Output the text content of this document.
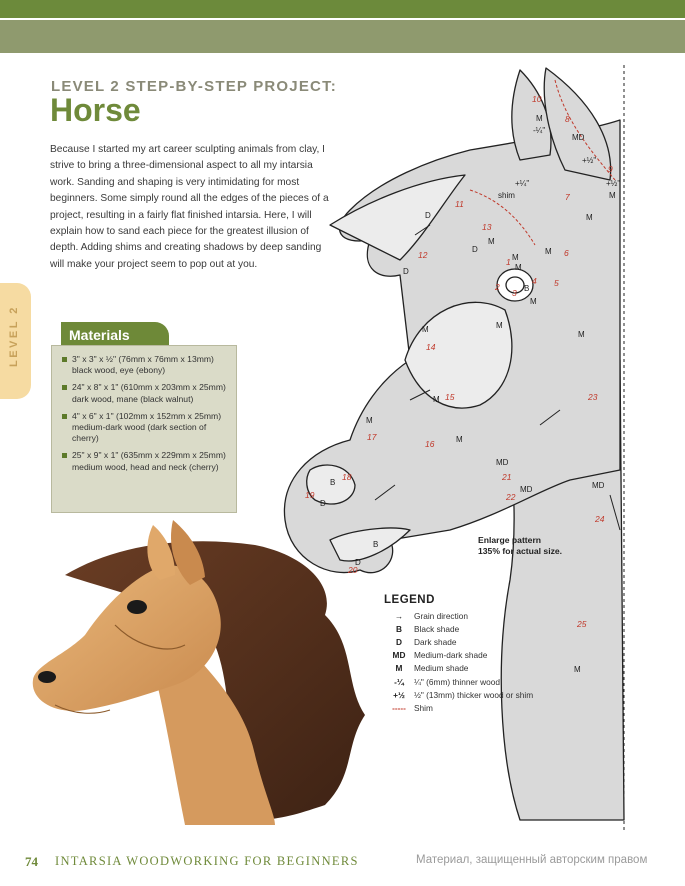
LEVEL 2
LEVEL 2 STEP-BY-STEP PROJECT:
Horse

Because I started my art career sculpting animals from clay, I strive to bring a three-dimensional aspect to all my intarsia work. Sanding and shaping is very intimidating for most beginners. Some simply round all the edges of the pieces of a project, resulting in a fairly flat finished intarsia. Here, I will explain how to sand each piece for the greatest illusion of depth. Adding shims and creating shadows by deep sanding will make your project seem to pop out at you.

Materials
3" x 3" x ½" (76mm x 76mm x 13mm) black wood, eye (ebony)
24" x 8" x 1" (610mm x 203mm x 25mm) dark wood, mane (black walnut)
4" x 6" x 1" (102mm x 152mm x 25mm) medium-dark wood (dark section of cherry)
25" x 9" x 1" (635mm x 229mm x 25mm) medium wood, head and neck (cherry)
10
8
9
7
11
6
12
13
5
4
3
1
2
14
15
17
16
23
18
19
21
22
24
20
25
M
MD
+½"
+½"
M
-¼"
M
+¼"
shim
D
D	M
D
M
M
M
B
M
M
M
M
M
M
M
MD
MD	MD
B
D
B
D
M
Enlarge pattern
135% for actual size.
LEGEND
→	Grain direction
B	Black shade
D	Dark shade
MD	Medium-dark shade
M	Medium shade
-¼	¼" (6mm) thinner wood
+½	½" (13mm) thicker wood or shim
----- Shim
74 INTARSIA WOODWORKING FOR BEGINNERS	Материал, защищенный авторским правом
